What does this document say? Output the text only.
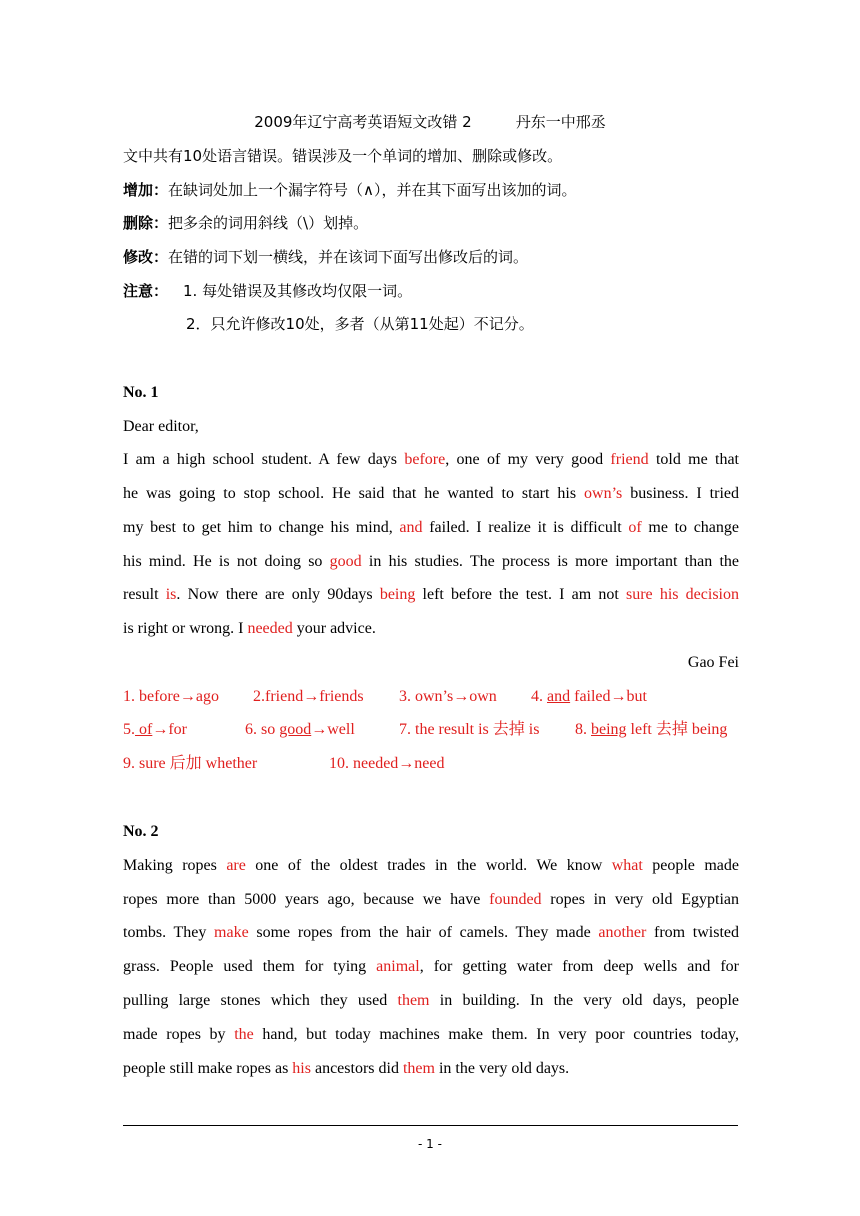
2009年辽宁高考英语短文改错 2	丹东一中邢丞
文中共有10处语言错误。错误涉及一个单词的增加、删除或修改。
增加：在缺词处加上一个漏字符号（∧），并在其下面写出该加的词。
删除：把多余的词用斜线（\）划掉。
修改：在错的词下划一横线，并在该词下面写出修改后的词。
注意： 1. 每处错误及其修改均仅限一词。
2．只允许修改10处，多者（从第11处起）不记分。
No. 1
Dear editor,
I am a high school student. A few days before, one of my very good friend told me that
he was going to stop school. He said that he wanted to start his own’s business. I tried
my best to get him to change his mind, and failed. I realize it is difficult of me to change
his mind. He is not doing so good in his studies. The process is more important than the
result is. Now there are only 90days being left before the test. I am not sure his decision
is right or wrong. I needed your advice.
Gao Fei
1. before→ago 2.friend→friends 3. own’s→own 4. and failed→but
5. of→for	6. so good→well	7. the result is 去掉 is 8. being left 去掉 being
9. sure 后加 whether	10. needed→need
No. 2
Making ropes are one of the oldest trades in the world. We know what people made
ropes more than 5000 years ago, because we have founded ropes in very old Egyptian
tombs. They make some ropes from the hair of camels. They made another from twisted
grass. People used them for tying animal, for getting water from deep wells and for
pulling large stones which they used them in building. In the very old days, people
made ropes by the hand, but today machines make them. In very poor countries today,
people still make ropes as his ancestors did them in the very old days.
- 1 -
